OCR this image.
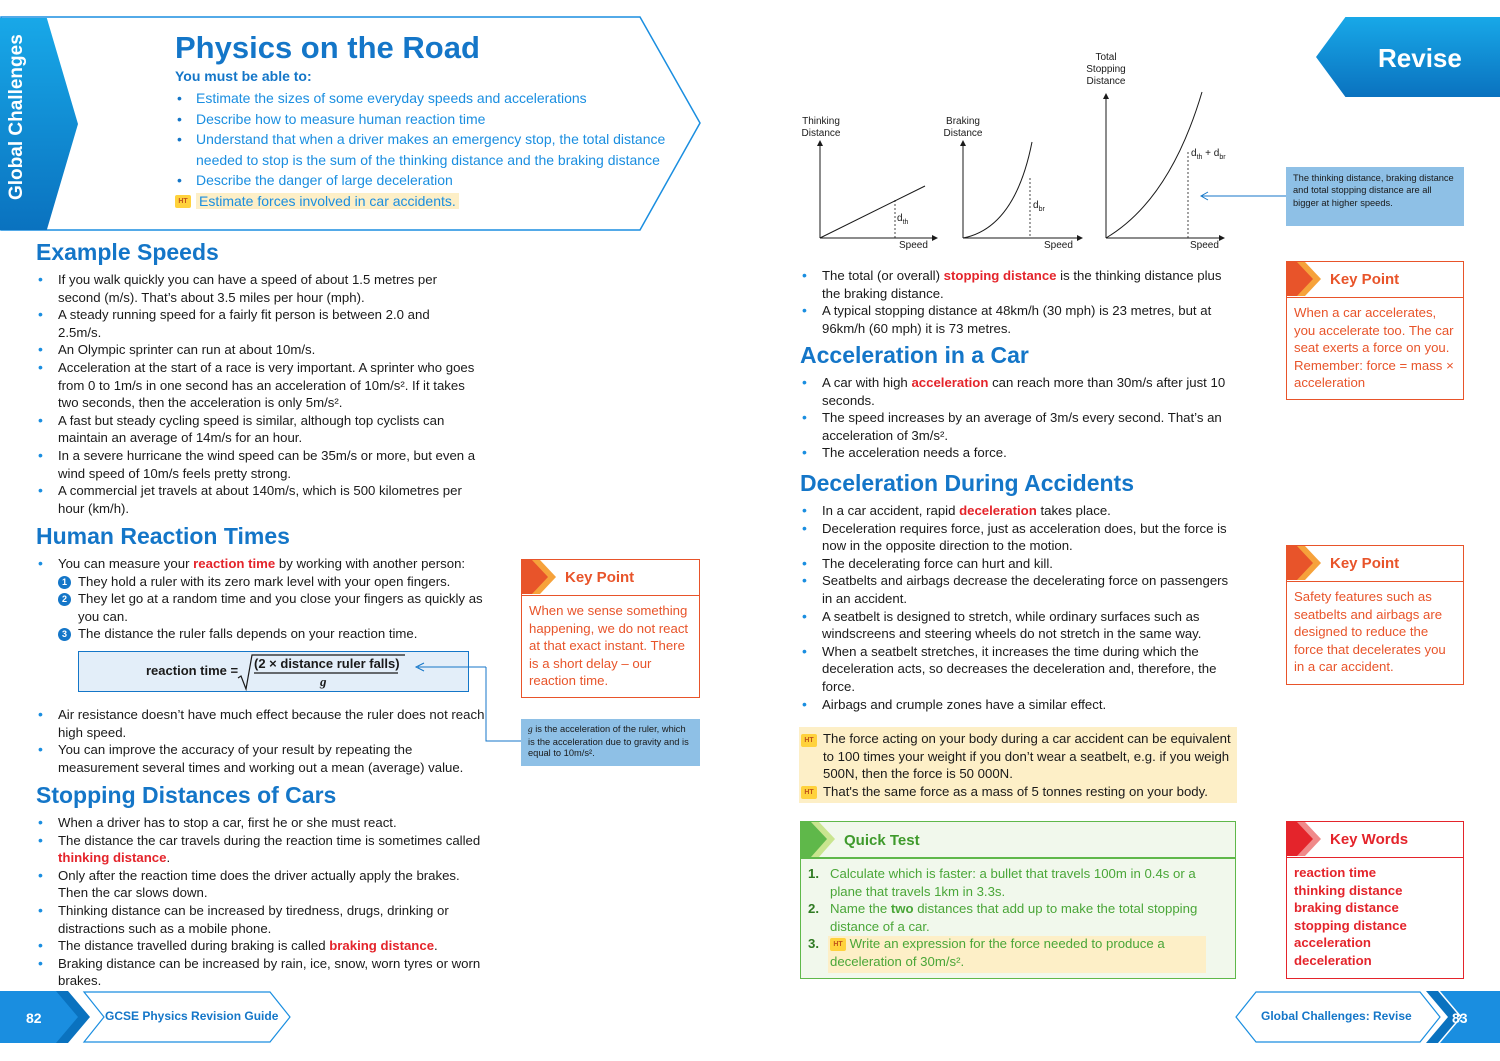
Global Challenges	Physics on the Road
You must be able to:
• Estimate the sizes of some everyday speeds and accelerations
• Describe how to measure human reaction time
• Understand that when a driver makes an emergency stop, the total distance needed to stop is the sum of the thinking distance and the braking distance
• Describe the danger of large deceleration
HT Estimate forces involved in car accidents.
Example Speeds
• If you walk quickly you can have a speed of about 1.5 metres per second (m/s). That’s about 3.5 miles per hour (mph).
• A steady running speed for a fairly fit person is between 2.0 and 2.5m/s.
• An Olympic sprinter can run at about 10m/s.
• Acceleration at the start of a race is very important. A sprinter who goes from 0 to 1m/s in one second has an acceleration of 10m/s². If it takes two seconds, then the acceleration is only 5m/s².
• A fast but steady cycling speed is similar, although top cyclists can maintain an average of 14m/s for an hour.
• In a severe hurricane the wind speed can be 35m/s or more, but even a wind speed of 10m/s feels pretty strong.
• A commercial jet travels at about 140m/s, which is 500 kilometres per hour (km/h).
Human Reaction Times
• You can measure your reaction time by working with another person:
1 They hold a ruler with its zero mark level with your open fingers.
2 They let go at a random time and you close your fingers as quickly as you can.
3 The distance the ruler falls depends on your reaction time.
reaction time = (2 × distance ruler falls)
g
g is the acceleration of the ruler, which is the acceleration due to gravity and is equal to 10m/s².
• Air resistance doesn’t have much effect because the ruler does not reach high speed.
• You can improve the accuracy of your result by repeating the measurement several times and working out a mean (average) value.
Key Point
When we sense something happening, we do not react at that exact instant. There is a short delay – our reaction time.
Stopping Distances of Cars
• When a driver has to stop a car, first he or she must react.
• The distance the car travels during the reaction time is sometimes called thinking distance.
• Only after the reaction time does the driver actually apply the brakes. Then the car slows down.
• Thinking distance can be increased by tiredness, drugs, drinking or distractions such as a mobile phone.
• The distance travelled during braking is called braking distance.
• Braking distance can be increased by rain, ice, snow, worn tyres or worn brakes.
82	GCSE Physics Revision Guide
Revise
Thinking Distance
Braking Distance
Total Stopping Distance
Speed	Speed	Speed
$d_{th}$
$d_{br}$
$d_{th} + d_{br}$
The thinking distance, braking distance and total stopping distance are all bigger at higher speeds.
• The total (or overall) stopping distance is the thinking distance plus the braking distance.
• A typical stopping distance at 48km/h (30 mph) is 23 metres, but at 96km/h (60 mph) it is 73 metres.
Key Point
When a car accelerates, you accelerate too. The car seat exerts a force on you. Remember: force = mass × acceleration
Acceleration in a Car
• A car with high acceleration can reach more than 30m/s after just 10 seconds.
• The speed increases by an average of 3m/s every second. That’s an acceleration of 3m/s².
• The acceleration needs a force.
Deceleration During Accidents
• In a car accident, rapid deceleration takes place.
• Deceleration requires force, just as acceleration does, but the force is now in the opposite direction to the motion.
• The decelerating force can hurt and kill.
• Seatbelts and airbags decrease the decelerating force on passengers in an accident.
• A seatbelt is designed to stretch, while ordinary surfaces such as windscreens and steering wheels do not stretch in the same way.
• When a seatbelt stretches, it increases the time during which the deceleration acts, so decreases the deceleration and, therefore, the force.
• Airbags and crumple zones have a similar effect.
Key Point
Safety features such as seatbelts and airbags are designed to reduce the force that decelerates you in a car accident.
HT
HT
The force acting on your body during a car accident can be equivalent to 100 times your weight if you don’t wear a seatbelt, e.g. if you weigh 500N, then the force is 50 000N.
That's the same force as a mass of 5 tonnes resting on your body.
Quick Test
1. Calculate which is faster: a bullet that travels 100m in 0.4s or a plane that travels 1km in 3.3s.
2. Name the two distances that add up to make the total stopping distance of a car.
3. HT Write an expression for the force needed to produce a deceleration of 30m/s².
Key Words
reaction time
thinking distance
braking distance
stopping distance
acceleration
deceleration
Global Challenges: Revise	83
